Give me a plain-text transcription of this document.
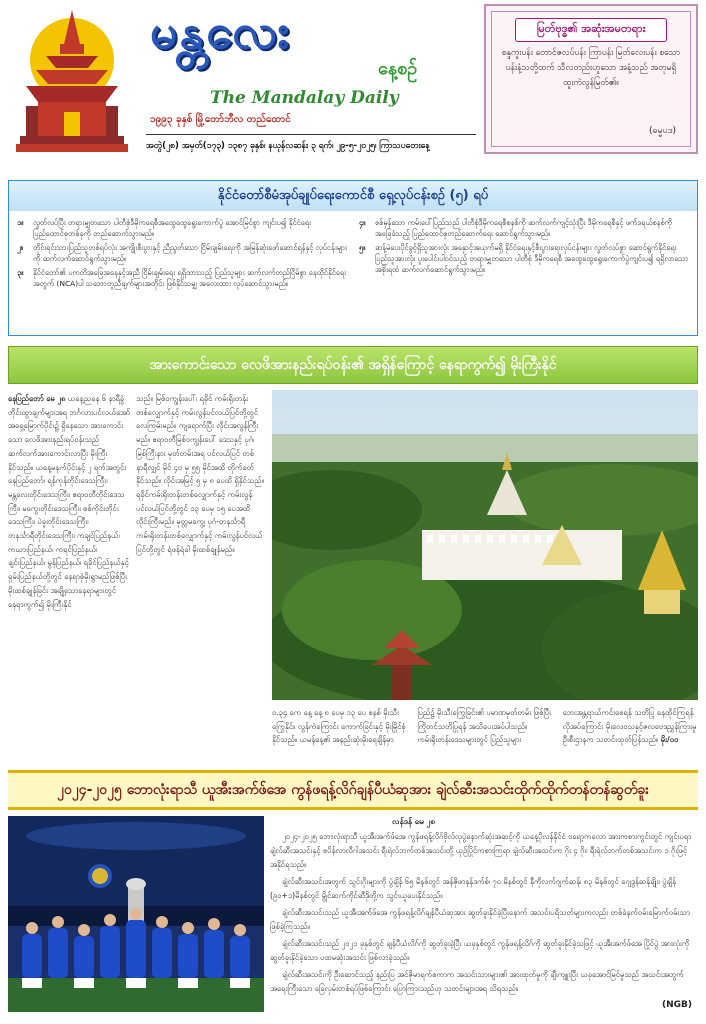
မန္တလေး
နေ့စဉ်
The Mandalay Daily
၁၉၉၃ ခုနှစ် မြို့တော်ဘီလ တည်ထောင်
အတွဲ(၂၈) အမှတ်(၁၇၃) ၁၃၈၇ ခုနှစ်၊ နယုန်လဆန်း ၃ ရက်၊ ၂၉-၅-၂၀၂၅၊ ကြာသပတေးနေ့
မြတ်ဗုဒ္ဓ၏ အဆုံးအမတရား
စန္ဒကူးပန်း တောင်ဇလပ်ပန်း ကြာပန်း မြတ်လေးပန်း စသော ပန်းနံ့သတို့ထက် သီလတည်းဟူသော အနံ့သည် အတုမရှိ ထူးကဲလွန်မြတ်၏။
(ဓမ္မပဒ)
နိုင်ငံတော်စီမံအုပ်ချုပ်ရေးကောင်စီ ရှေ့လုပ်ငန်းစဉ် (၅) ရပ်
၁။ လွတ်လပ်ပြီး တရားမျှတသော ပါတီစုံဒီမိုကရေစီအထွေထွေရွေးကောက်ပွဲ အောင်မြင်စွာ ကျင်းပ၍ နိုင်ငံရေး ပြည်ထောင်စုတစ်ခုကို တည်ဆောက်သွားမည်။
၂။ တိုင်းရင်းသားပြည်သူတစ်ရပ်လုံး အကျိုးစီးပွားနှင့် ညီညွတ်သော ငြိမ်းချမ်းရေးကို အမြန်ဆုံးဖော်ဆောင်ရန်နှင့် လုပ်ငန်းများကို ဆက်လက်ဆောင်ရွက်သွားမည်။
၃။ နိုင်ငံတော်၏ ပကတိအခြေအနေနှင့်အညီ ငြိမ်းချမ်းရေး ရရှိထားသည့် ပြည်သူများ ဆက်လက်တည်ငြိမ်စွာ နေထိုင်နိုင်ရေးအတွက် (NCA)ပါ သဘောတူညီချက်များအတိုင်း ဖြစ်နိုင်သမျှ အလေးထား လုပ်ဆောင်သွားမည်။
၄။ စစ်မှန်သော ကမ်းပေါ်ပြည်သည် ပါတီစုံဒီမိုကရေစီစနစ်ကို ဆက်လက်ကျင့်သုံးပြီး ဒီမိုကရေစီနှင့် ဖက်ဒရယ်စနစ်ကို အခြေခံသည့် ပြည်ထောင်စုတည်ဆောက်ရေး ဆောင်ရွက်သွားမည်။
၅။ ဆန့်မဲပေးပိုင်ခွင့်ရှိသူအားလုံး အနှောင့်အယှက်မရှိ နိုင်ငံရေးနှင့်စီးပွားရေးလုပ်ငန်းများ လွတ်လပ်စွာ ဆောင်ရွက်နိုင်ရေး ပြည်သူအားလုံး ပူးပေါင်းပါဝင်သည့် တရားမျှတသော ပါတီစုံ ဒီမိုကရေစီ အထွေထွေရွေးကောက်ပွဲကျင်းပ၍ ရရှိလာသော အစိုးရထံ ဆက်လက်ဆောင်ရွက်သွားမည်။
အားကောင်းသော လေဖိအားနည်းရပ်ဝန်း၏ အရှိန်ကြောင့် နေရာကွက်၍ မိုးကြီးနိုင်
နေပြည်တော် မေ ၂၈ ယနေ့ညနေ ၆ နာရီခွဲ တိုင်းထွာချက်များအရ ဘင်္ဂလားပင်လယ်အော် အရှေ့မြောက်ပိုင်း၌ ရှိနေသော အားကောင်းသော လေဖိအားနည်းရပ်ဝန်းသည် ဆက်လက်အားကောင်းလာပြီး မိုးကြီးနိုင်သည်။ ယနေ့မနက်ပိုင်းနှင့် ၂ ရက်အတွင်း နေပြည်တော်၊ ရန်ကုန်တိုင်းဒေသကြီး၊ မန္တလေးတိုင်းဒေသကြီး၊ ဧရာဝတီတိုင်းဒေသကြီး၊ မကွေးတိုင်းဒေသကြီး၊ စစ်ကိုင်းတိုင်းဒေသကြီး၊ ပဲခူးတိုင်းဒေသကြီး၊ တနင်္သာရီတိုင်းဒေသကြီး၊ ကချင်ပြည်နယ်၊ ကယားပြည်နယ်၊ ကရင်ပြည်နယ်၊ ချင်းပြည်နယ်၊ မွန်ပြည်နယ်၊ ရခိုင်ပြည်နယ်နှင့် ရှမ်းပြည်နယ်တို့တွင် နေရာစုံမိုးရွာမည်ဖြစ်ပြီး မိုးထစ်ချုန်ခြင်း အချို့သောနေရာများတွင် နေရာကွက်၍ မိုးကြီးနိုင်
သည်။ မြစ်ဝကျွန်းပေါ်၊ ရခိုင် ကမ်းရိုးတန်းတစ်လျှောက်နှင့် ကမ်းလွန်ပင်လယ်ပြင်တို့တွင် လေကြမ်းမည်။ ကျရောက်ပြီး လိုင်းအလွန်ကြီးမည်။ ဧရာဝတီမြစ်ဝကျွန်းပေါ် ဒေသနှင့် ပုဂံ၊ မြစ်ကြီးနား မှတ်တမ်းအရ ပင်လယ်ပြင် တစ်နာရီလျှင် မိုင် ၄၀ မှ ၅၅ မိုင်အထိ တိုက်ခတ်နိုင်သည်။ လိုင်းအမြင့် ၅ မှ ၈ ပေထိ ရှိနိုင်သည်။ ရခိုင်ကမ်းရိုးတန်းတစ်လျှောက်နှင့် ကမ်းလွန် ပင်လယ်ပြင်တို့တွင် ၁၃ ပေမှ ၁၅ ပေအထိ လိုင်းကြီးမည်။ မုတ္တမကွေ့၊ ပုဂံ-တနင်္သာရီကမ်းရိုးတန်းတစ်လျှောက်နှင့် ကမ်းလွန်ပင်လယ်ပြင်တို့တွင် ရံဖန်ရံခါ မိုးထစ်ချုန်မည်။
ဝ.၃၄ ကေ နေ့ နေ့ ၈ ပေမှ ၁၃ ပေ စနစ် မိုးသီးကြွေနိုင်။ လွန်ကဲကြောင်း ကောက်ခြင်းနှင့် မိုးမြိုင်စုံနိုင်သည်။ ယမန်နေ့၏ အနည်းဆုံးမိုးရေချိန်မှာ ပြည်၌ မိုးသီးကြွေခြင်း၏ ပမာဏမှတ်တမ်း ဖြစ်ပြီး ကြိုတင်သတိပြုရန် အသိပေးအပ်ပါသည်။ ကမ်းရိုးတန်းဒေသများတွင် ပြည်သူများ ဘေးအန္တရာယ်ကင်းစေရန် သတိပြု နေထိုင်ကြရန် လိုအပ်ကြောင်း မိုးလေဝသနှင့်ဇလဗေဒညွှန်ကြားမှုဦးစီးဌာနက သတင်းထုတ်ပြန်သည်။ မိုး/ဝဝ
၂၀၂၄-၂၀၂၅ ဘောလုံးရာသီ ယူအီးအက်ဖ်အေ ကွန်ဖရန့်လိဂ်ချန်ပီယံဆုအား ချဲလ်ဆီးအသင်းထိုက်ထိုက်တန်တန်ဆွတ်ခူး
လန်ဒန် မေ ၂၈

၂၀၂၄-၂၀၂၅ ဘောလုံးရာသီ ယူအီးအက်ဖ်အေ ကွန်ဖရန့်လိဂ်ဗိုလ်လုပွဲနောက်ဆုံးအဆင့်ကို ယနေ့ပိုလန်နိုင်ငံ ဗရော့ကလော အားကစားကွင်းတွင် ကျင်းပရာ ချဲလ်ဆီးအသင်းနှင့် စပိန်လာလီဂါအသင်း ရီးရဲလ်ဘက်တစ်အသင်းတို့ ယှဉ်ပြိုင်ကစားကြရာ ချဲလ်ဆီးအသင်းက ဂိုး ၄ ဂိုး၊ ရီးရဲလ်ဘက်တစ်အသင်းက ၁ ဂိုးဖြင့် အနိုင်ရသည်။

ချဲလ်ဆီးအသင်းအတွက် သွင်းဂိုးများကို ပွဲချိန် ၆၅ မိနစ်တွင် အန်ဇိုဖာနန်ဒက်စ်၊ ၇၀ မိနစ်တွင် နီကိုလက်ဂျက်ဆန်၊ ၈၃ မိနစ်တွင် ဂျေဒွန်ဆန်ချိုး၊ ပွဲချိန် (၉၀+၁)မိနစ်တွင် မွိုင်ဆက်ကိုင်ဆီဒိုတို့က သွင်းယူပေးနိုင်သည်။

ချဲလ်ဆီးအသင်းသည် ယူအီးအက်ဖ်အေ ကွန်ဖရန့်လိဂ်ချန်ပီယံဆုအား ဆွတ်ခူးနိုင်ခဲ့ပြီးနောက် အသင်းပရိသတ်များကလည်း တစ်ခဲနက်ဝမ်းမြောက်ဝမ်းသာဖြစ်ခဲ့ကြသည်။

ချဲလ်ဆီးအသင်းသည် ၂၀၂၁ ခုနှစ်တွင် ချန်ပီယံလိဂ်ကို ဆွတ်ခူးခဲ့ပြီး ယခုနှစ်တွင် ကွန်ဖရန့်လိဂ်ကို ဆွတ်ခူးနိုင်ခဲ့သဖြင့် ယူအီးအက်ဖ်အေ ပြိုင်ပွဲ အားလုံးကို ဆွတ်ခူးနိုင်ခဲ့သော ပထမဆုံးအသင်း ဖြစ်လာခဲ့သည်။

ချဲလ်ဆီးအသင်းကို ဦးဆောင်သည့် နည်းပြ အင်ဇိုမာရက်စကာက အသင်းသားများ၏ အားထုတ်မှုကို ချီးကျူးပြီး ယခုအောင်မြင်မှုသည် အသင်းအတွက် အရေးကြီးသော ခြေလှမ်းတစ်ရပ်ဖြစ်ကြောင်း ပြောကြားသည်ဟု သတင်းများအရ သိရသည်။

(NGB)
